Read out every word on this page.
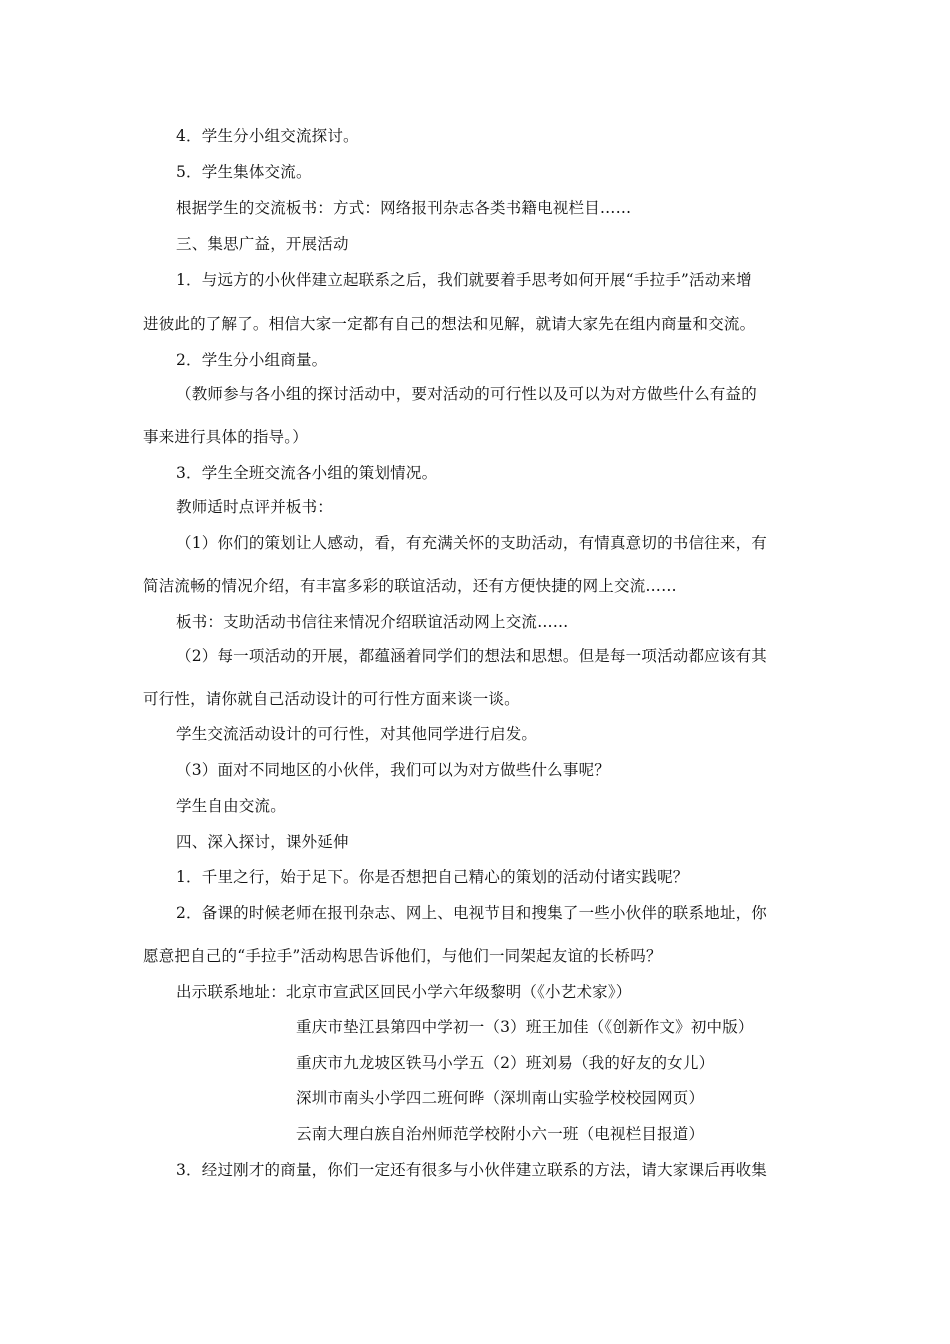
4．学生分小组交流探讨。
5．学生集体交流。
根据学生的交流板书：方式：网络报刊杂志各类书籍电视栏目……
三、集思广益，开展活动
1．与远方的小伙伴建立起联系之后，我们就要着手思考如何开展“手拉手”活动来增
进彼此的了解了。相信大家一定都有自己的想法和见解，就请大家先在组内商量和交流。
2．学生分小组商量。
（教师参与各小组的探讨活动中，要对活动的可行性以及可以为对方做些什么有益的
事来进行具体的指导。）
3．学生全班交流各小组的策划情况。
教师适时点评并板书：
（1）你们的策划让人感动，看，有充满关怀的支助活动，有情真意切的书信往来，有
简洁流畅的情况介绍，有丰富多彩的联谊活动，还有方便快捷的网上交流……
板书：支助活动书信往来情况介绍联谊活动网上交流……
（2）每一项活动的开展，都蕴涵着同学们的想法和思想。但是每一项活动都应该有其
可行性，请你就自己活动设计的可行性方面来谈一谈。
学生交流活动设计的可行性，对其他同学进行启发。
（3）面对不同地区的小伙伴，我们可以为对方做些什么事呢？
学生自由交流。
四、深入探讨，课外延伸
1．千里之行，始于足下。你是否想把自己精心的策划的活动付诸实践呢？
2．备课的时候老师在报刊杂志、网上、电视节目和搜集了一些小伙伴的联系地址，你
愿意把自己的“手拉手”活动构思告诉他们，与他们一同架起友谊的长桥吗？
出示联系地址：北京市宣武区回民小学六年级黎明（《小艺术家》）
重庆市垫江县第四中学初一（3）班王加佳（《创新作文》初中版）
重庆市九龙坡区铁马小学五（2）班刘易（我的好友的女儿）
深圳市南头小学四二班何晔（深圳南山实验学校校园网页）
云南大理白族自治州师范学校附小六一班（电视栏目报道）
3．经过刚才的商量，你们一定还有很多与小伙伴建立联系的方法，请大家课后再收集
